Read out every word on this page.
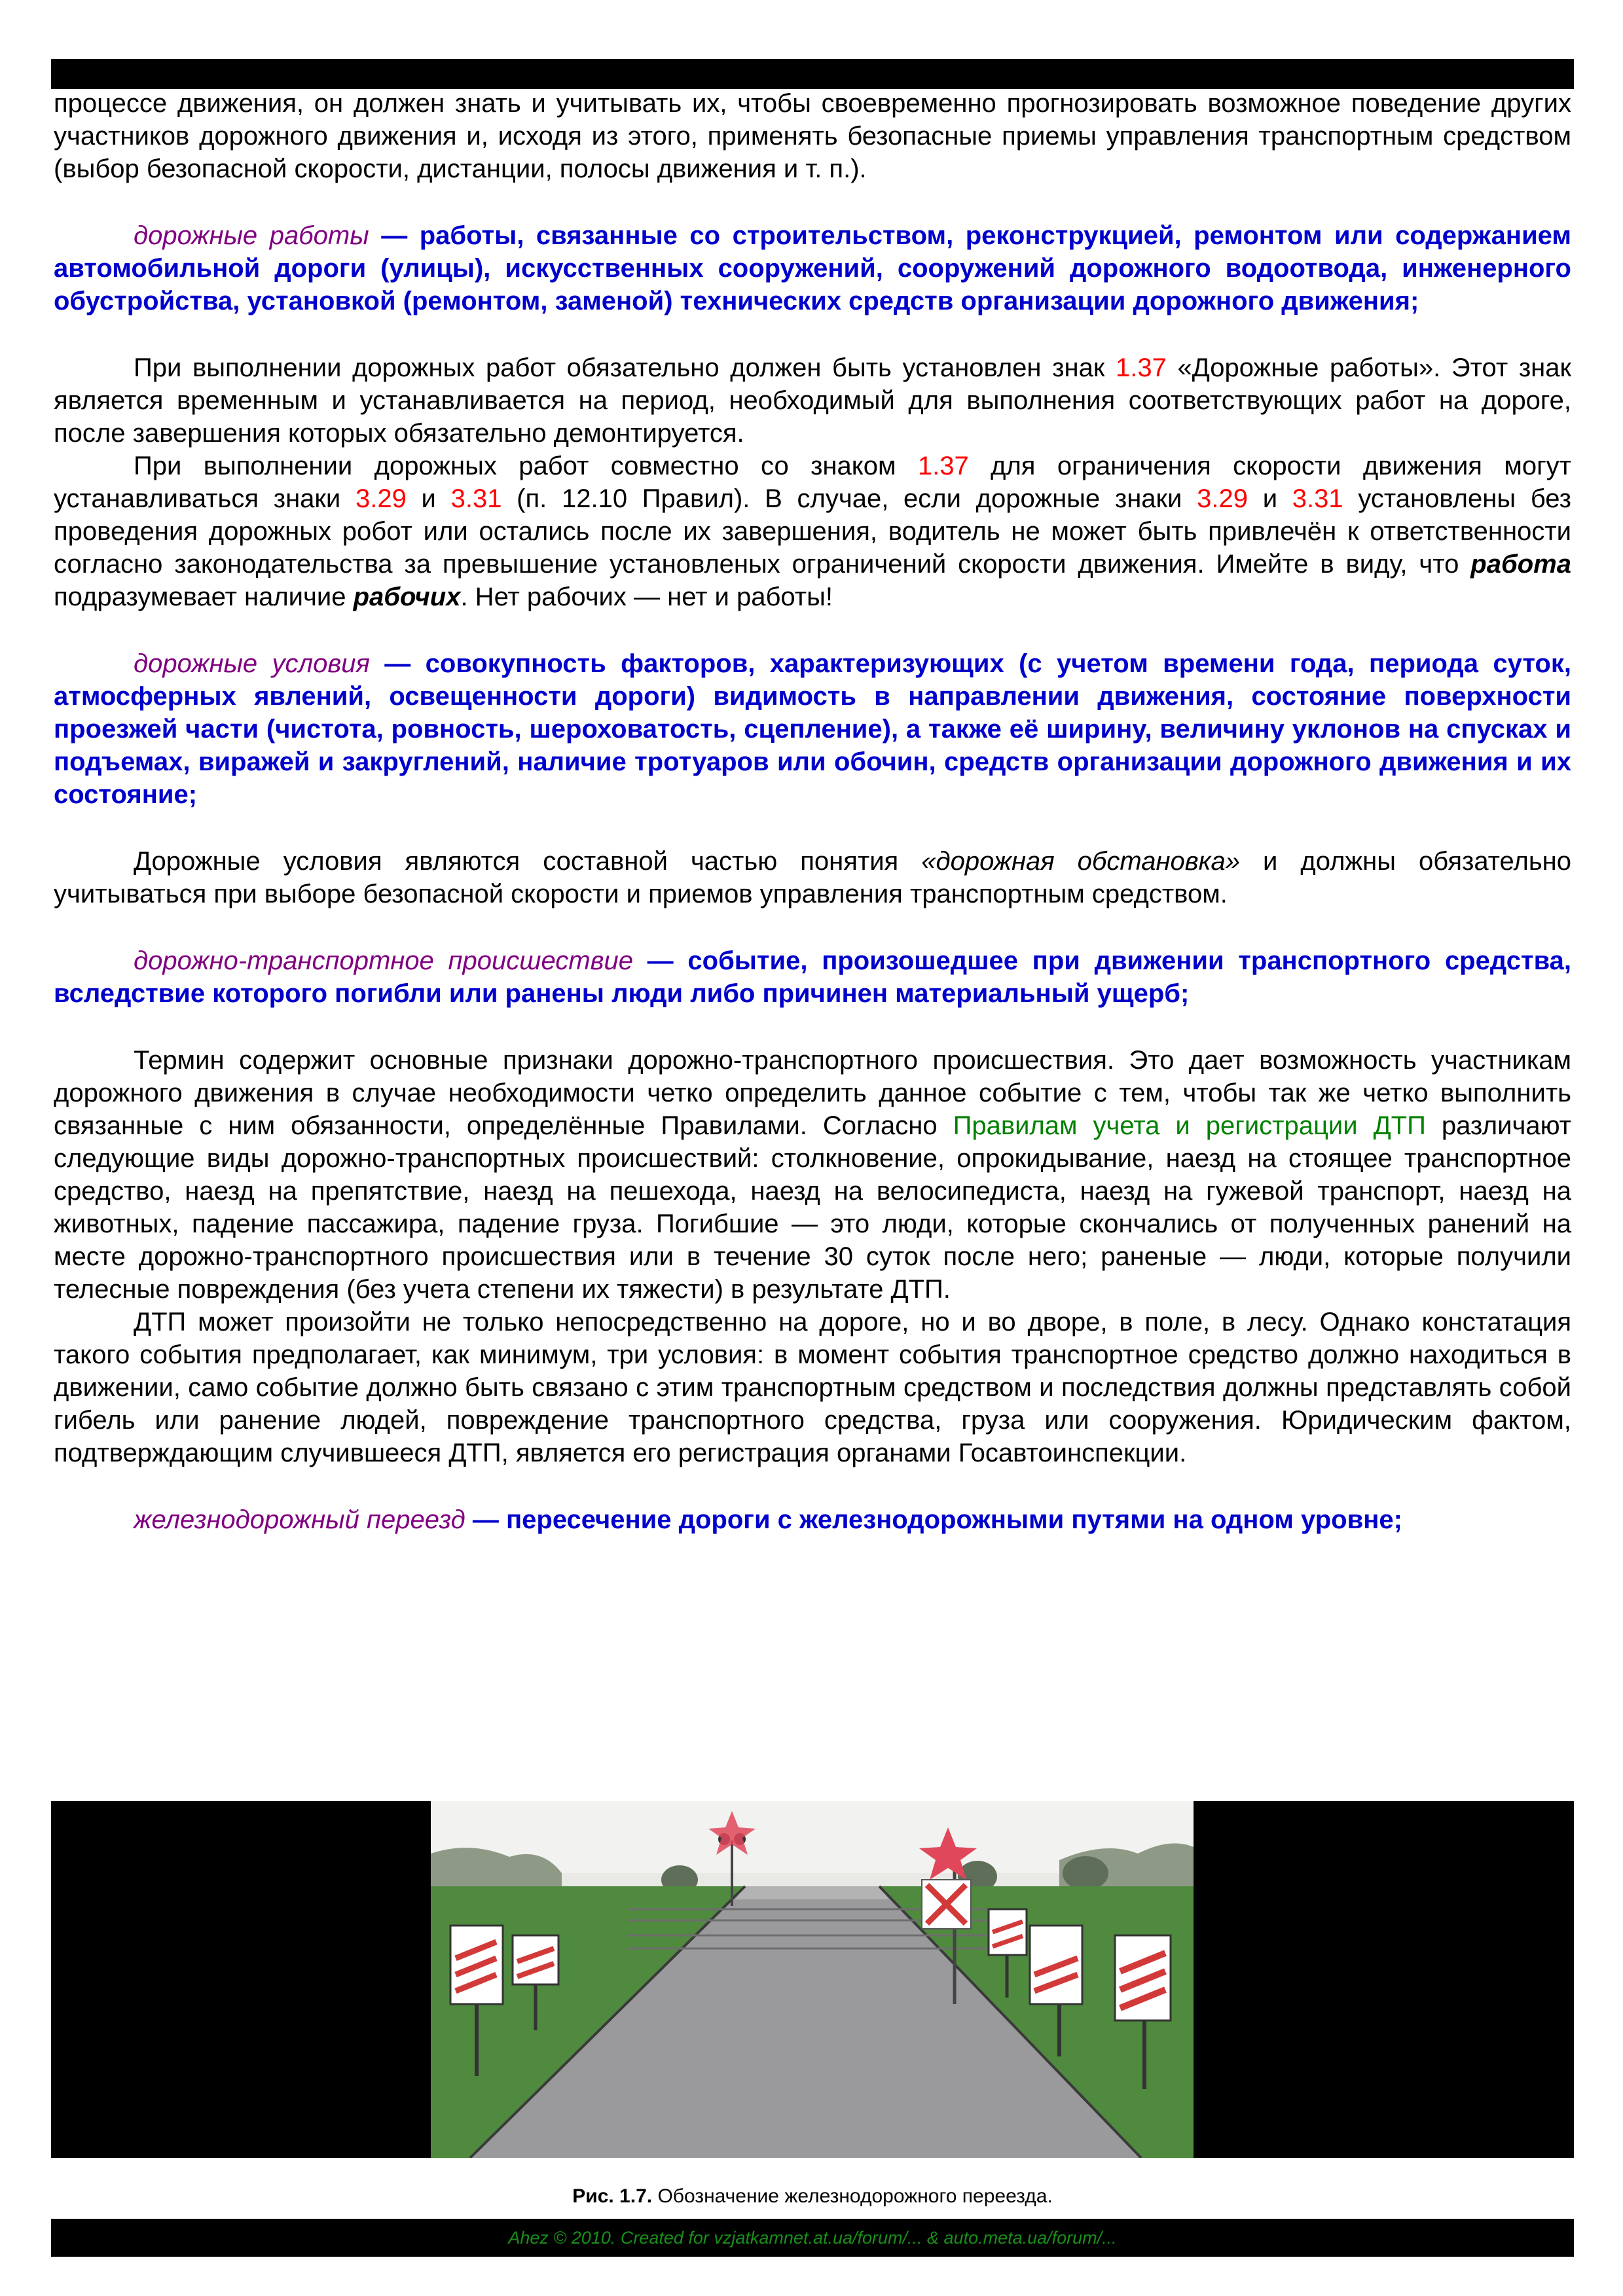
процессе движения, он должен знать и учитывать их, чтобы своевременно прогнозировать возможное поведение других участников дорожного движения и, исходя из этого, применять безопасные приемы управления транспортным средством (выбор безопасной скорости, дистанции, полосы движения и т. п.).

дорожные работы — работы, связанные со строительством, реконструкцией, ремонтом или содержанием автомобильной дороги (улицы), искусственных сооружений, сооружений дорожного водоотвода, инженерного обустройства, установкой (ремонтом, заменой) технических средств организации дорожного движения;

При выполнении дорожных работ обязательно должен быть установлен знак 1.37 «Дорожные работы». Этот знак является временным и устанавливается на период, необходимый для выполнения соответствующих работ на дороге, после завершения которых обязательно демонтируется.

При выполнении дорожных работ совместно со знаком 1.37 для ограничения скорости движения могут устанавливаться знаки 3.29 и 3.31 (п. 12.10 Правил). В случае, если дорожные знаки 3.29 и 3.31 установлены без проведения дорожных робот или остались после их завершения, водитель не может быть привлечён к ответственности согласно законодательства за превышение установленых ограничений скорости движения. Имейте в виду, что работа подразумевает наличие рабочих. Нет рабочих — нет и работы!

дорожные условия — совокупность факторов, характеризующих (с учетом времени года, периода суток, атмосферных явлений, освещенности дороги) видимость в направлении движения, состояние поверхности проезжей части (чистота, ровность, шероховатость, сцепление), а также её ширину, величину уклонов на спусках и подъемах, виражей и закруглений, наличие тротуаров или обочин, средств организации дорожного движения и их состояние;

Дорожные условия являются составной частью понятия «дорожная обстановка» и должны обязательно учитываться при выборе безопасной скорости и приемов управления транспортным средством.

дорожно-транспортное происшествие — событие, произошедшее при движении транспортного средства, вследствие которого погибли или ранены люди либо причинен материальный ущерб;

Термин содержит основные признаки дорожно-транспортного происшествия. Это дает возможность участникам дорожного движения в случае необходимости четко определить данное событие с тем, чтобы так же четко выполнить связанные с ним обязанности, определённые Правилами. Согласно Правилам учета и регистрации ДТП различают следующие виды дорожно-транспортных происшествий: столкновение, опрокидывание, наезд на стоящее транспортное средство, наезд на препятствие, наезд на пешехода, наезд на велосипедиста, наезд на гужевой транспорт, наезд на животных, падение пассажира, падение груза. Погибшие — это люди, которые скончались от полученных ранений на месте дорожно-транспортного происшествия или в течение 30 суток после него; раненые — люди, которые получили телесные повреждения (без учета степени их тяжести) в результате ДТП.

ДТП может произойти не только непосредственно на дороге, но и во дворе, в поле, в лесу. Однако констатация такого события предполагает, как минимум, три условия: в момент события транспортное средство должно находиться в движении, само событие должно быть связано с этим транспортным средством и последствия должны представлять собой гибель или ранение людей, повреждение транспортного средства, груза или сооружения. Юридическим фактом, подтверждающим случившееся ДТП, является его регистрация органами Госавтоинспекции.

железнодорожный переезд — пересечение дороги с железнодорожными путями на одном уровне;

Рис. 1.7. Обозначение железнодорожного переезда.
Ahez © 2010. Created for vzjatkamnet.at.ua/forum/... & auto.meta.ua/forum/...
